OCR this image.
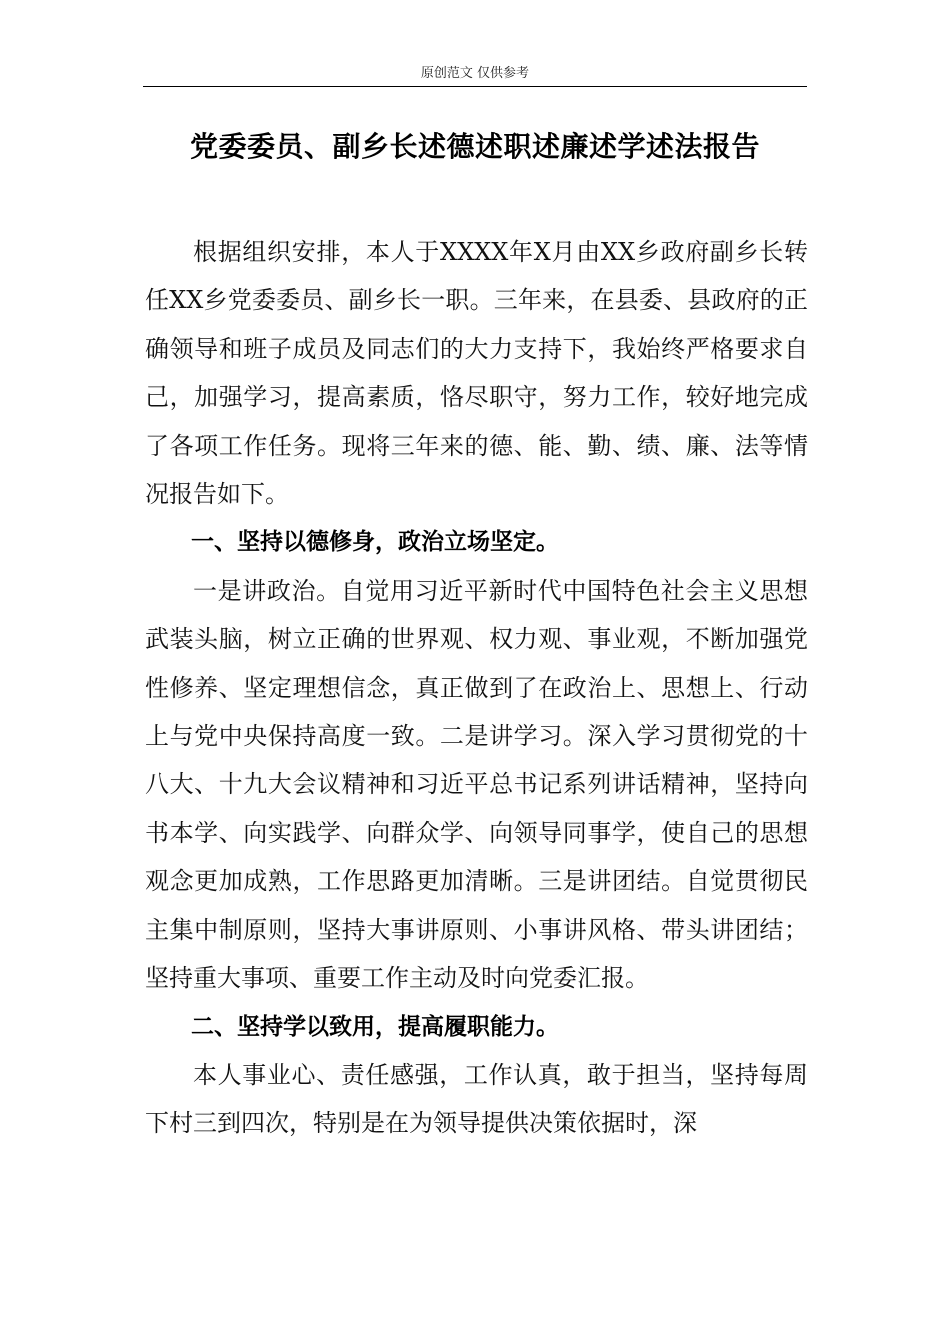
原创范文 仅供参考
党委委员、副乡长述德述职述廉述学述法报告

根据组织安排，本人于XXXX年X月由XX乡政府副乡长转任XX乡党委委员、副乡长一职。三年来，在县委、县政府的正确领导和班子成员及同志们的大力支持下，我始终严格要求自己，加强学习，提高素质，恪尽职守，努力工作，较好地完成了各项工作任务。现将三年来的德、能、勤、绩、廉、法等情况报告如下。

一、坚持以德修身，政治立场坚定。

一是讲政治。自觉用习近平新时代中国特色社会主义思想武装头脑，树立正确的世界观、权力观、事业观，不断加强党性修养、坚定理想信念，真正做到了在政治上、思想上、行动上与党中央保持高度一致。二是讲学习。深入学习贯彻党的十八大、十九大会议精神和习近平总书记系列讲话精神，坚持向书本学、向实践学、向群众学、向领导同事学，使自己的思想观念更加成熟，工作思路更加清晰。三是讲团结。自觉贯彻民主集中制原则，坚持大事讲原则、小事讲风格、带头讲团结；坚持重大事项、重要工作主动及时向党委汇报。

二、坚持学以致用，提高履职能力。

本人事业心、责任感强，工作认真，敢于担当，坚持每周下村三到四次，特别是在为领导提供决策依据时，深
